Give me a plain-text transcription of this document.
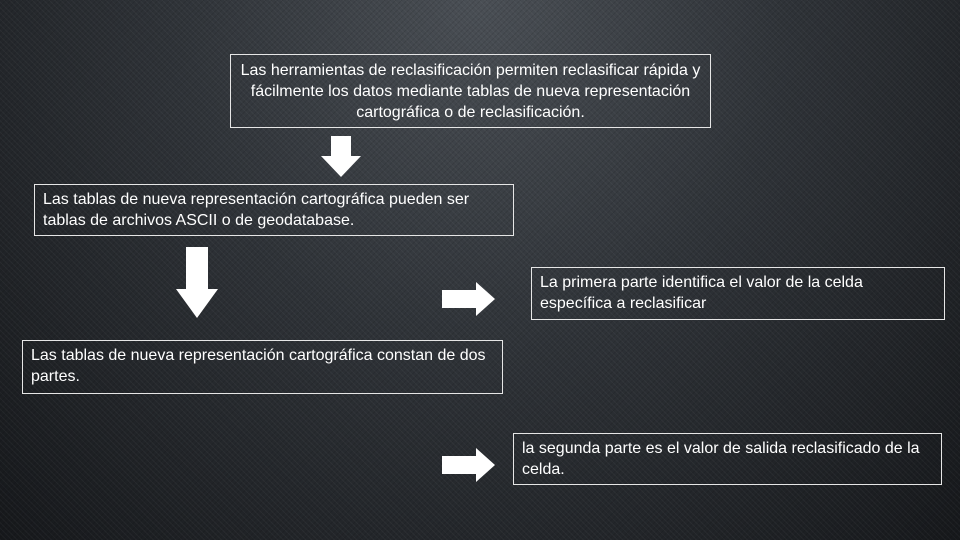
Las herramientas de reclasificación permiten reclasificar rápida y fácilmente los datos mediante tablas de nueva representación cartográfica o de reclasificación.
Las tablas de nueva representación cartográfica pueden ser tablas de archivos ASCII o de geodatabase.
La primera parte identifica el valor de la celda específica a reclasificar
Las tablas de nueva representación cartográfica constan de dos partes.
la segunda parte es el valor de salida reclasificado de la celda.
